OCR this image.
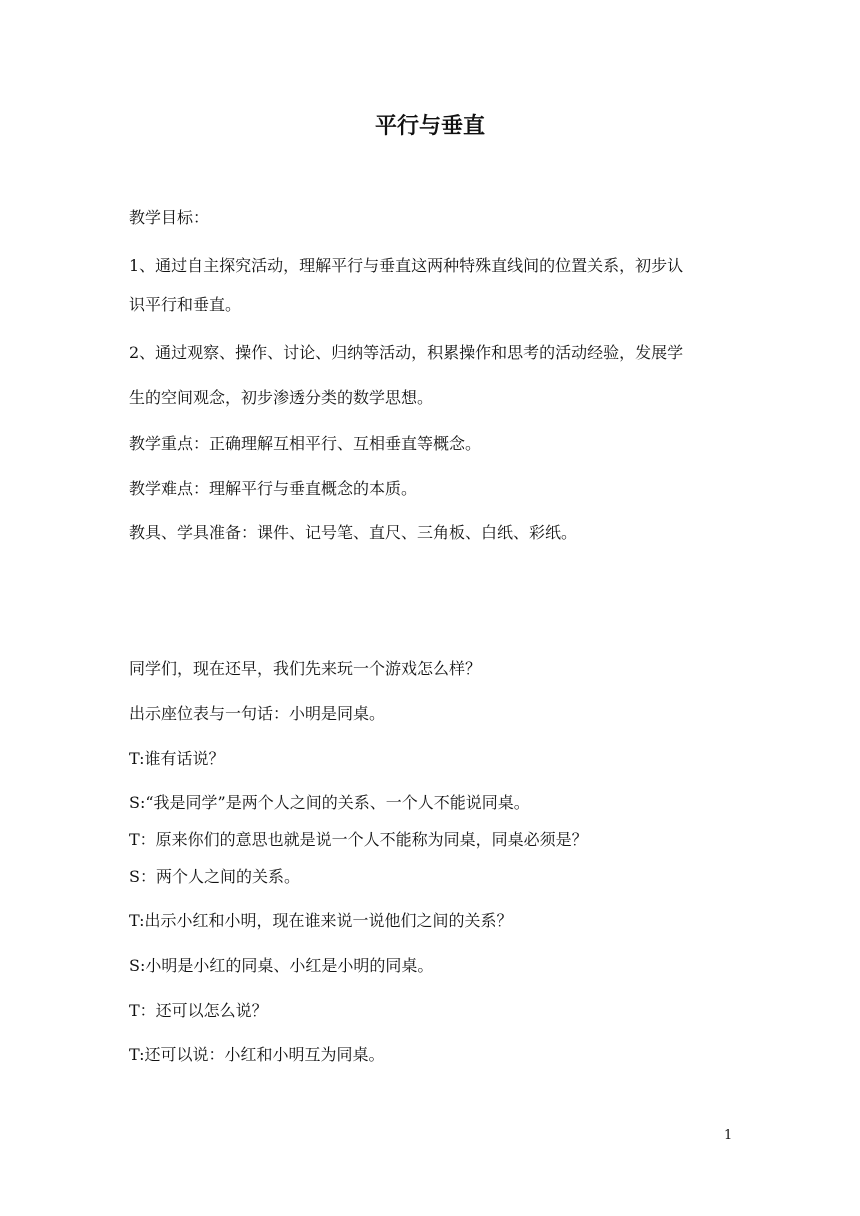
平行与垂直

教学目标：

1、通过自主探究活动，理解平行与垂直这两种特殊直线间的位置关系，初步认

识平行和垂直。

2、通过观察、操作、讨论、归纳等活动，积累操作和思考的活动经验，发展学

生的空间观念，初步渗透分类的数学思想。

教学重点：正确理解互相平行、互相垂直等概念。

教学难点：理解平行与垂直概念的本质。

教具、学具准备：课件、记号笔、直尺、三角板、白纸、彩纸。

同学们，现在还早，我们先来玩一个游戏怎么样？

出示座位表与一句话：小明是同桌。

T:谁有话说？

S:“我是同学”是两个人之间的关系、一个人不能说同桌。

T：原来你们的意思也就是说一个人不能称为同桌，同桌必须是？

S：两个人之间的关系。

T:出示小红和小明，现在谁来说一说他们之间的关系？

S:小明是小红的同桌、小红是小明的同桌。

T：还可以怎么说？

T:还可以说：小红和小明互为同桌。

1
